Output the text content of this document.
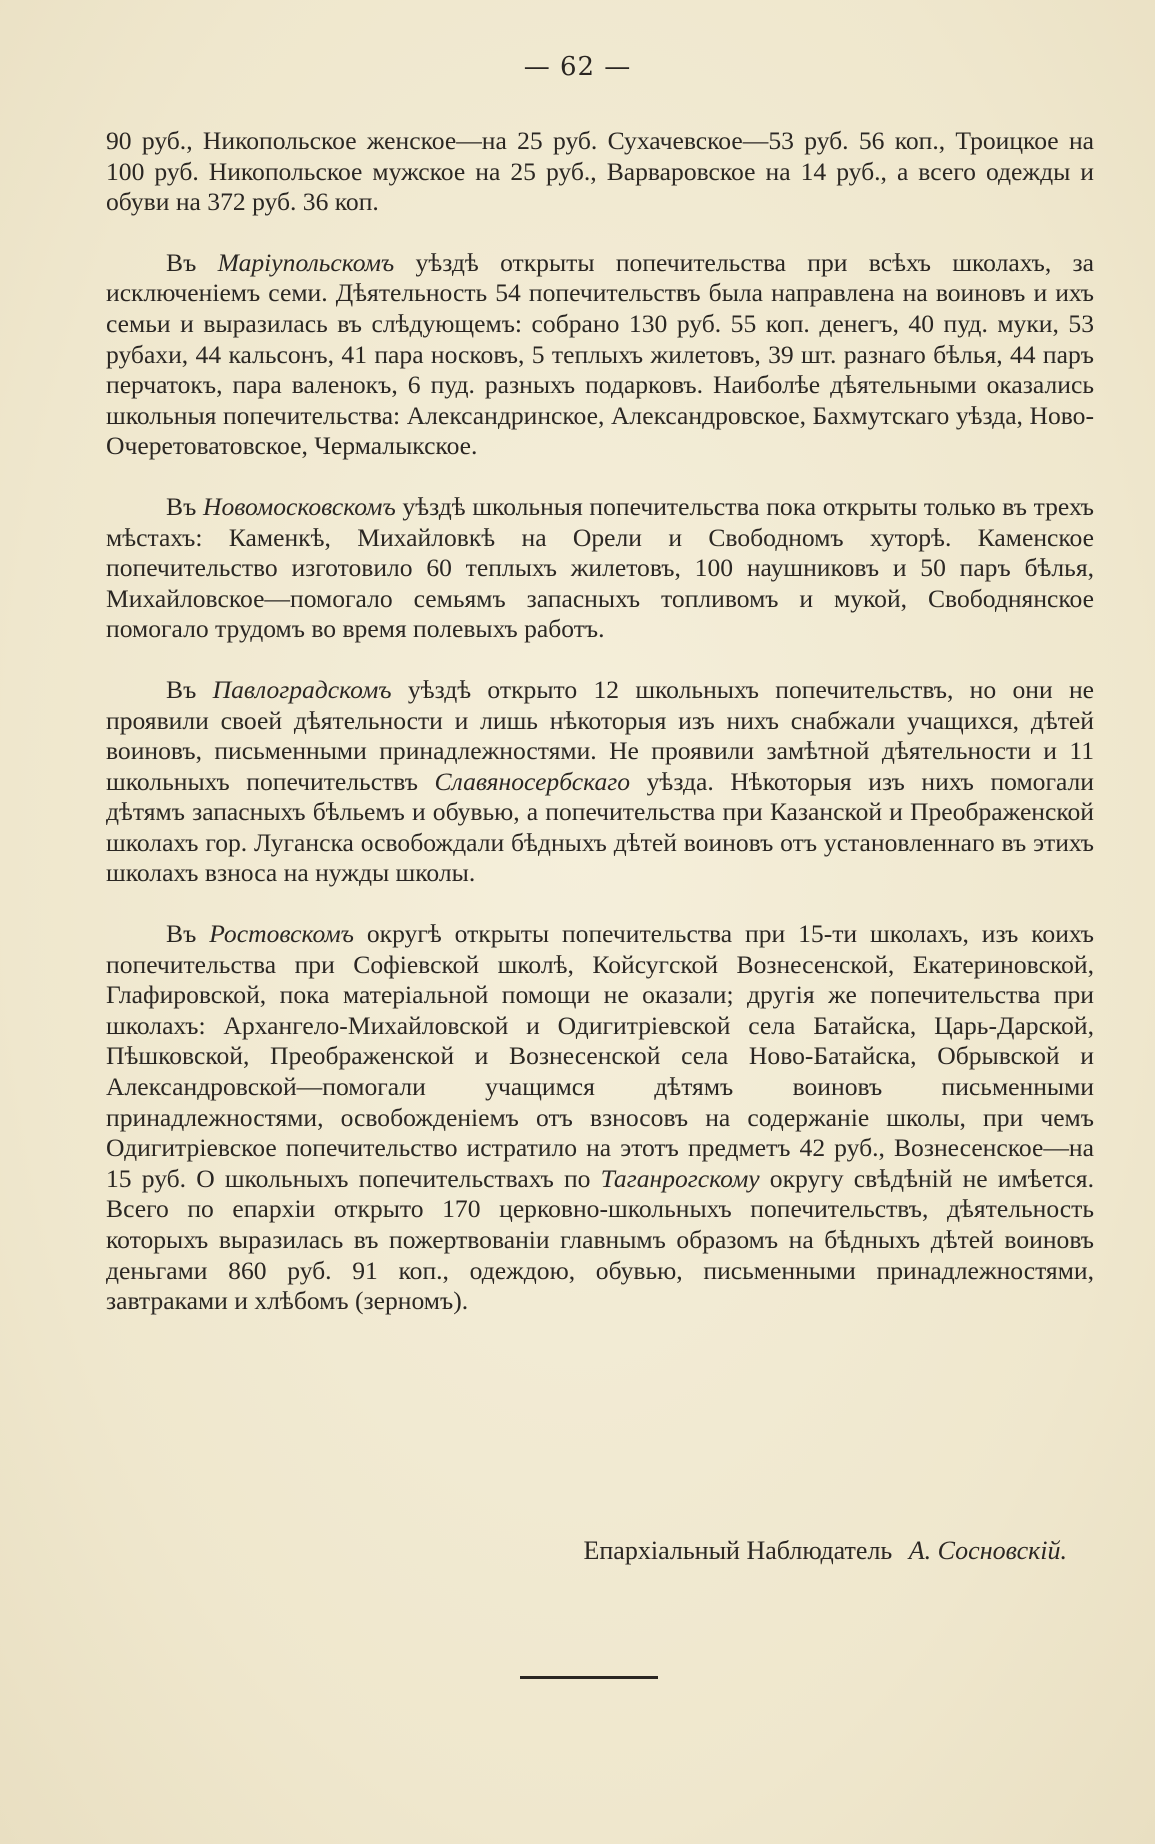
— 62 —

90 руб., Никопольское женское—на 25 руб. Сухачевское—53 руб. 56 коп., Троицкое на 100 руб. Никопольское мужское на 25 руб., Варваровское на 14 руб., а всего одежды и обуви на 372 руб. 36 коп.

Въ Маріупольскомъ уѣздѣ открыты попечительства при всѣхъ школахъ, за исключеніемъ семи. Дѣятельность 54 попечительствъ была направлена на воиновъ и ихъ семьи и выразилась въ слѣдующемъ: собрано 130 руб. 55 коп. денегъ, 40 пуд. муки, 53 рубахи, 44 кальсонъ, 41 пара носковъ, 5 теплыхъ жилетовъ, 39 шт. разнаго бѣлья, 44 паръ перчатокъ, пара валенокъ, 6 пуд. разныхъ подарковъ. Наиболѣе дѣятельными оказались школьныя попечительства: Александринское, Александровское, Бахмутскаго уѣзда, Ново-Очеретоватовское, Чермалыкское.

Въ Новомосковскомъ уѣздѣ школьныя попечительства пока открыты только въ трехъ мѣстахъ: Каменкѣ, Михайловкѣ на Орели и Свободномъ хуторѣ. Каменское попечительство изготовило 60 теплыхъ жилетовъ, 100 наушниковъ и 50 паръ бѣлья, Михайловское—помогало семьямъ запасныхъ топливомъ и мукой, Свободнянское помогало трудомъ во время полевыхъ работъ.

Въ Павлоградскомъ уѣздѣ открыто 12 школьныхъ попечительствъ, но они не проявили своей дѣятельности и лишь нѣкоторыя изъ нихъ снабжали учащихся, дѣтей воиновъ, письменными принадлежностями. Не проявили замѣтной дѣятельности и 11 школьныхъ попечительствъ Славяносербскаго уѣзда. Нѣкоторыя изъ нихъ помогали дѣтямъ запасныхъ бѣльемъ и обувью, а попечительства при Казанской и Преображенской школахъ гор. Луганска освобождали бѣдныхъ дѣтей воиновъ отъ установленнаго въ этихъ школахъ взноса на нужды школы.

Въ Ростовскомъ округѣ открыты попечительства при 15-ти школахъ, изъ коихъ попечительства при Софіевской школѣ, Койсугской Вознесенской, Екатериновской, Глафировской, пока матеріальной помощи не оказали; другія же попечительства при школахъ: Архангело-Михайловской и Одигитріевской села Батайска, Царь-Дарской, Пѣшковской, Преображенской и Вознесенской села Ново-Батайска, Обрывской и Александровской—помогали учащимся дѣтямъ воиновъ письменными принадлежностями, освобожденіемъ отъ взносовъ на содержаніе школы, при чемъ Одигитріевское попечительство истратило на этотъ предметъ 42 руб., Вознесенское—на 15 руб. О школьныхъ попечительствахъ по Таганрогскому округу свѣдѣній не имѣется. Всего по епархіи открыто 170 церковно-школьныхъ попечительствъ, дѣятельность которыхъ выразилась въ пожертвованіи главнымъ образомъ на бѣдныхъ дѣтей воиновъ деньгами 860 руб. 91 коп., одеждою, обувью, письменными принадлежностями, завтраками и хлѣбомъ (зерномъ).

Епархіальный Наблюдатель А. Сосновскій.
